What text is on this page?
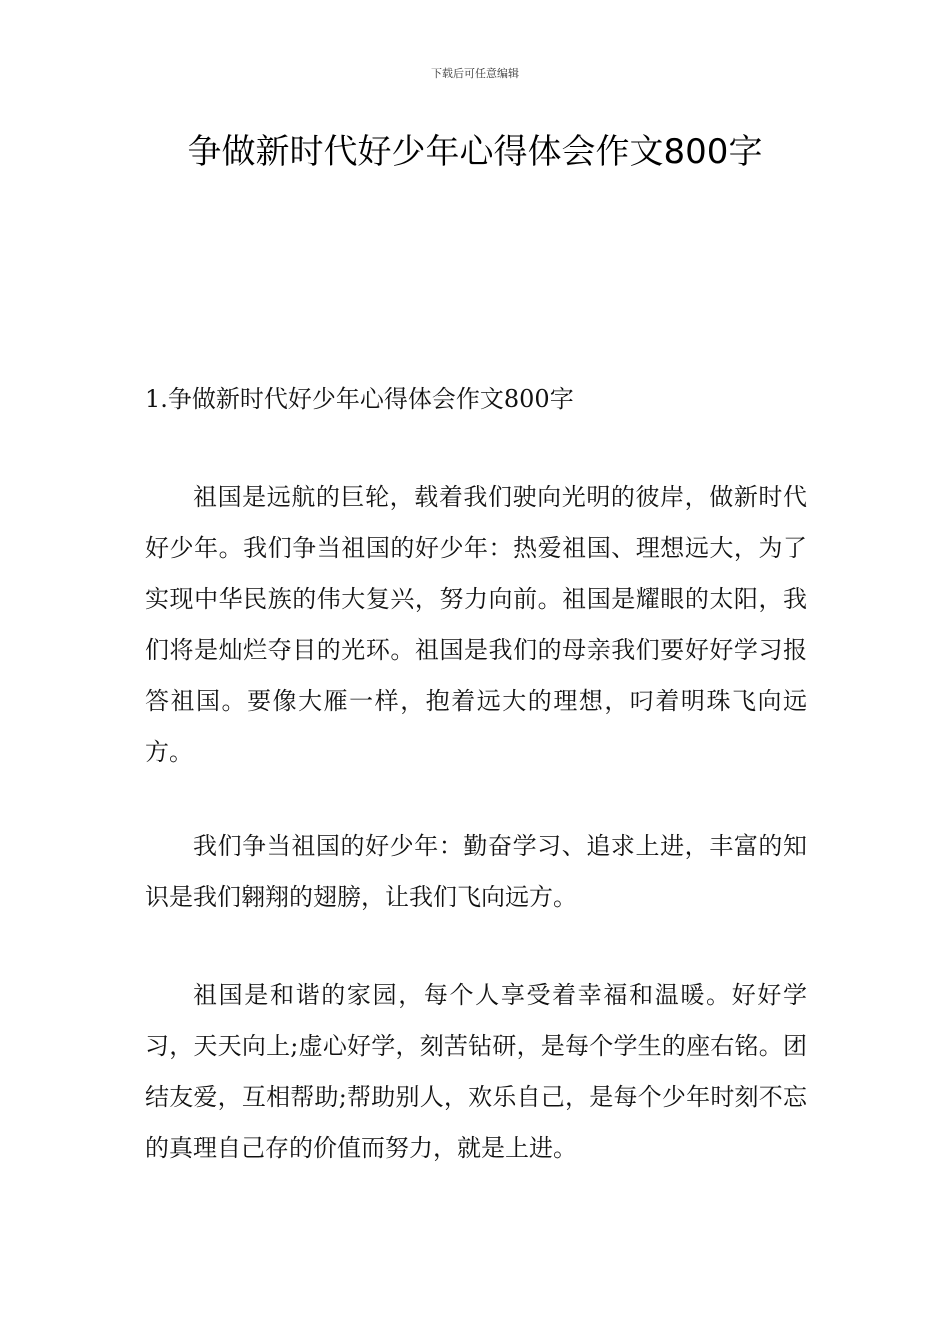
下载后可任意编辑
争做新时代好少年心得体会作文800字
1.争做新时代好少年心得体会作文800字

祖国是远航的巨轮，载着我们驶向光明的彼岸，做新时代好少年。我们争当祖国的好少年：热爱祖国、理想远大，为了实现中华民族的伟大复兴，努力向前。祖国是耀眼的太阳，我们将是灿烂夺目的光环。祖国是我们的母亲我们要好好学习报答祖国。要像大雁一样，抱着远大的理想，叼着明珠飞向远方。

我们争当祖国的好少年：勤奋学习、追求上进，丰富的知识是我们翱翔的翅膀，让我们飞向远方。

祖国是和谐的家园，每个人享受着幸福和温暖。好好学习，天天向上;虚心好学，刻苦钻研，是每个学生的座右铭。团结友爱，互相帮助;帮助别人，欢乐自己，是每个少年时刻不忘的真理自己存的价值而努力，就是上进。
